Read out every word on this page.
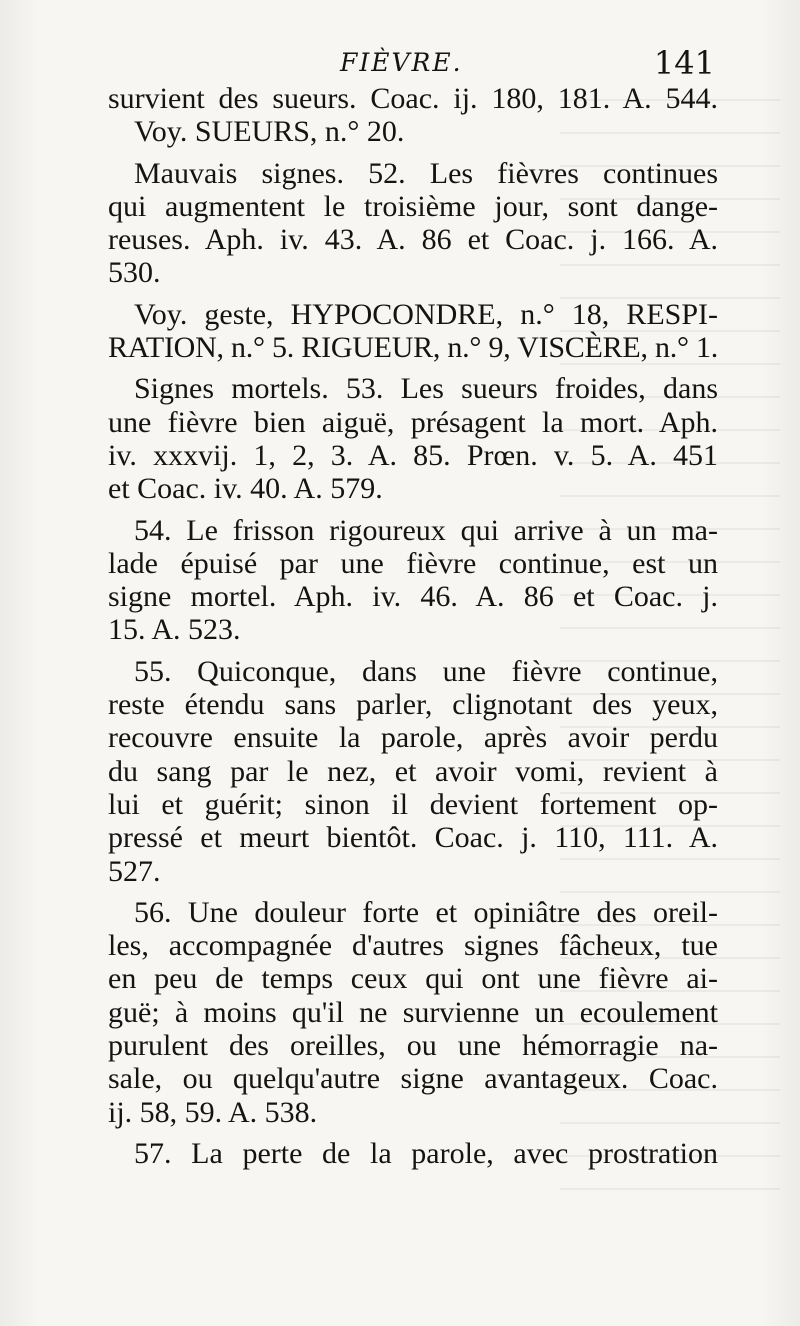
FIÈVRE.	141

survient des sueurs. Coac. ij. 180, 181. A. 544.
Voy. SUEURS, n.° 20.

Mauvais signes. 52. Les fièvres continues
qui augmentent le troisième jour, sont dange-
reuses. Aph. iv. 43. A. 86 et Coac. j. 166. A.
530.

Voy. geste, HYPOCONDRE, n.° 18, RESPI-
RATION, n.° 5. RIGUEUR, n.° 9, VISCÈRE, n.° 1.

Signes mortels. 53. Les sueurs froides, dans
une fièvre bien aiguë, présagent la mort. Aph.
iv. xxxvij. 1, 2, 3. A. 85. Prœn. v. 5. A. 451
et Coac. iv. 40. A. 579.

54. Le frisson rigoureux qui arrive à un ma-
lade épuisé par une fièvre continue, est un
signe mortel. Aph. iv. 46. A. 86 et Coac. j.
15. A. 523.

55. Quiconque, dans une fièvre continue,
reste étendu sans parler, clignotant des yeux,
recouvre ensuite la parole, après avoir perdu
du sang par le nez, et avoir vomi, revient à
lui et guérit; sinon il devient fortement op-
pressé et meurt bientôt. Coac. j. 110, 111. A.
527.

56. Une douleur forte et opiniâtre des oreil-
les, accompagnée d'autres signes fâcheux, tue
en peu de temps ceux qui ont une fièvre ai-
guë; à moins qu'il ne survienne un ecoulement
purulent des oreilles, ou une hémorragie na-
sale, ou quelqu'autre signe avantageux. Coac.
ij. 58, 59. A. 538.

57. La perte de la parole, avec prostration
